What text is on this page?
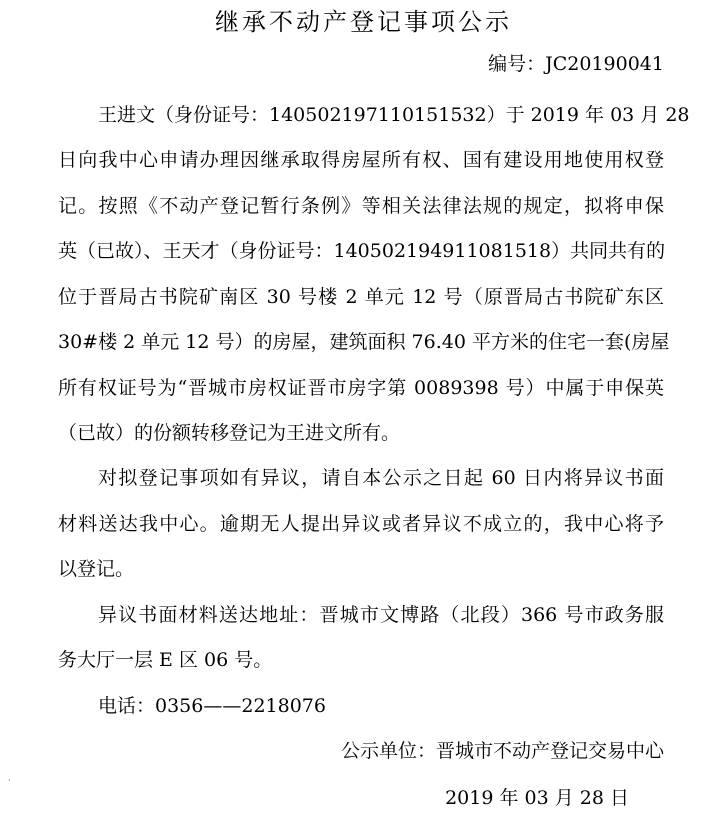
继承不动产登记事项公示
编号：JC20190041
王进文（身份证号：140502197110151532）于 2019 年 03 月 28
日向我中心申请办理因继承取得房屋所有权、国有建设用地使用权登
记。按照《不动产登记暂行条例》等相关法律法规的规定，拟将申保
英（已故）、王天才（身份证号：140502194911081518）共同共有的
位于晋局古书院矿南区 30 号楼 2 单元 12 号（原晋局古书院矿东区
30#楼 2 单元 12 号）的房屋，建筑面积 76.40 平方米的住宅一套(房屋
所有权证号为“晋城市房权证晋市房字第 0089398 号）中属于申保英
（已故）的份额转移登记为王进文所有。
对拟登记事项如有异议，请自本公示之日起 60 日内将异议书面
材料送达我中心。逾期无人提出异议或者异议不成立的，我中心将予
以登记。
异议书面材料送达地址：晋城市文博路（北段）366 号市政务服
务大厅一层 E 区 06 号。
电话：0356——2218076
公示单位：晋城市不动产登记交易中心
2019 年 03 月 28 日
·
